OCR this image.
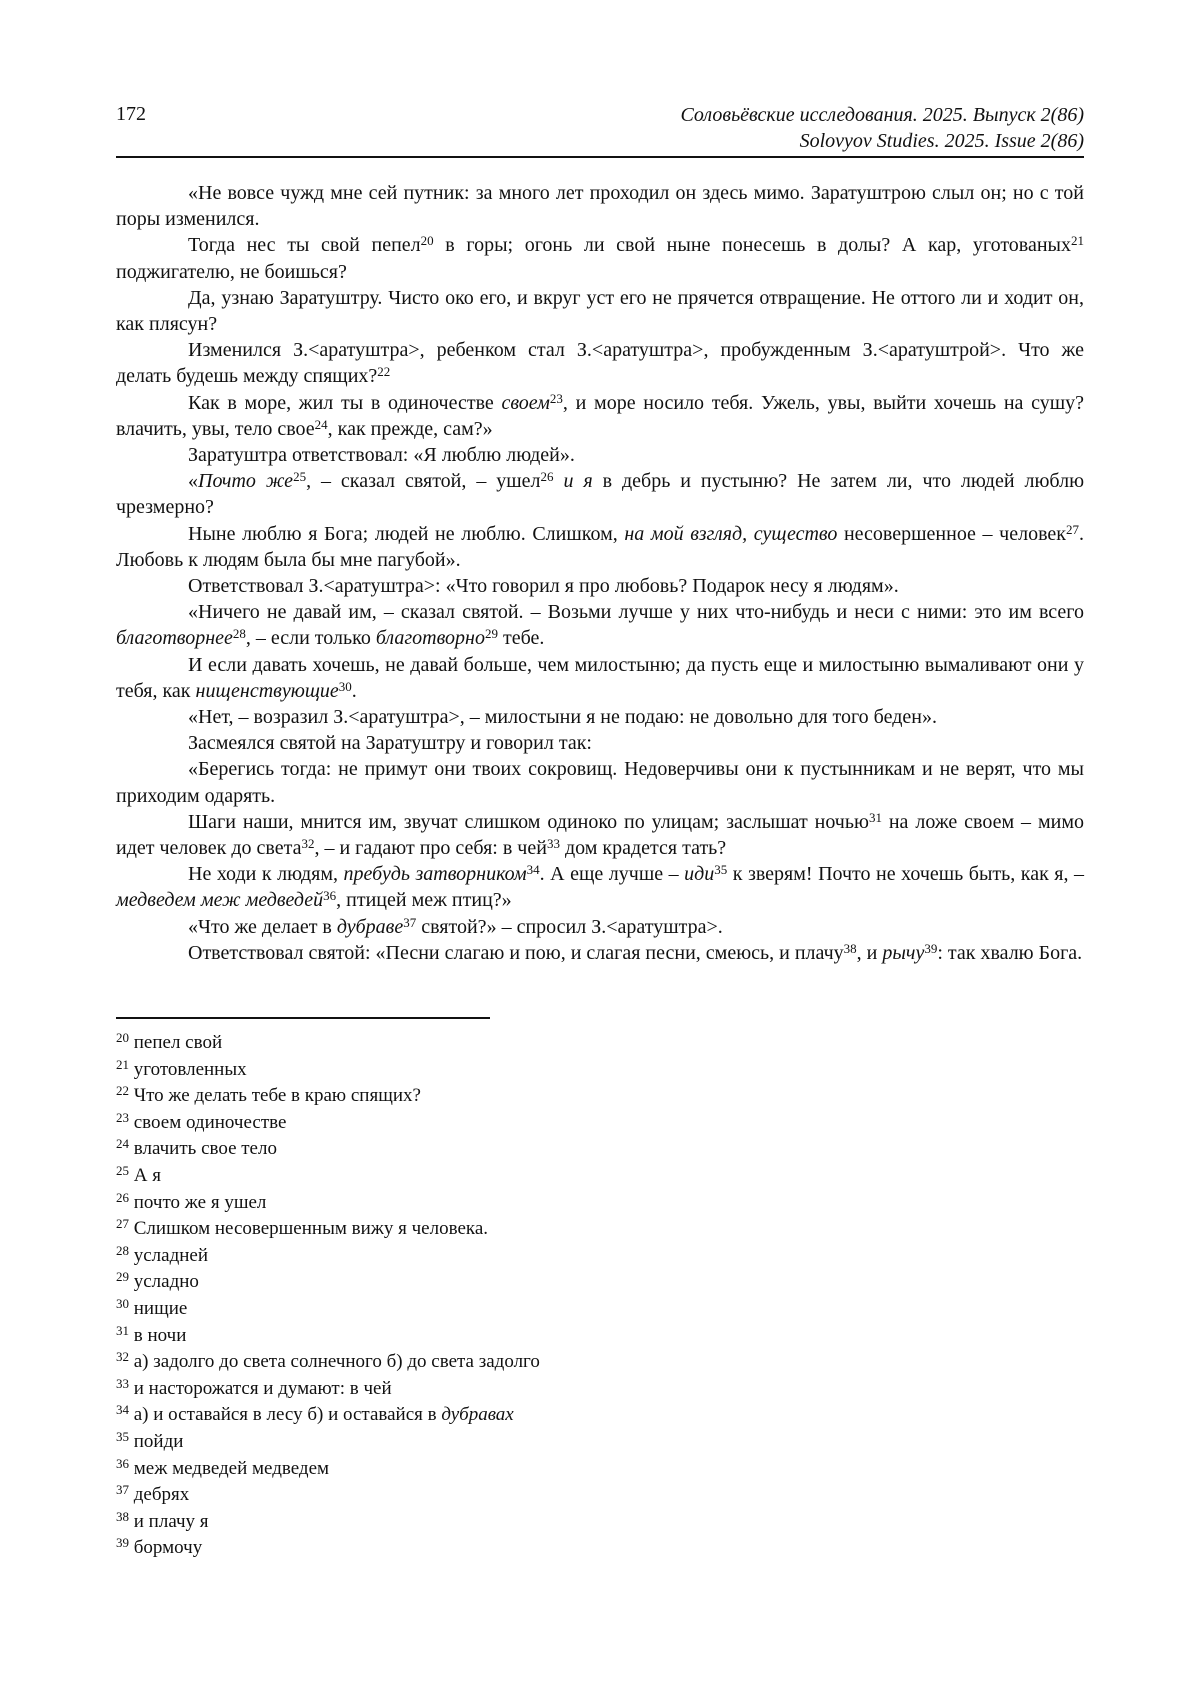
172	Соловьёвские исследования. 2025. Выпуск 2(86)
Solovyov Studies. 2025. Issue 2(86)

«Не вовсе чужд мне сей путник: за много лет проходил он здесь мимо. Заратуштрою слыл он; но с той поры изменился.

Тогда нес ты свой пепел$^{20}$ в горы; огонь ли свой ныне понесешь в долы? А кар, уготованых$^{21}$ поджигателю, не боишься?

Да, узнаю Заратуштру. Чисто око его, и вкруг уст его не прячется отвращение. Не оттого ли и ходит он, как плясун?

Изменился З.<аратуштра>, ребенком стал З.<аратуштра>, пробужденным З.<аратуштрой>. Что же делать будешь между спящих?$^{22}$

Как в море, жил ты в одиночестве своем$^{23}$, и море носило тебя. Ужель, увы, выйти хочешь на сушу? влачить, увы, тело свое$^{24}$, как прежде, сам?»

Заратуштра ответствовал: «Я люблю людей».

«Почто $же^{25}$, – сказал святой, – ушел$^{26}$ и я в дебрь и пустыню? Не затем ли, что людей люблю чрезмерно?

Ныне люблю я Бога; людей не люблю. Слишком, на мой взгляд, существо несовершенное – человек$^{27}$. Любовь к людям была бы мне пагубой».

Ответствовал З.<аратуштра>: «Что говорил я про любовь? Подарок несу я людям».

«Ничего не давай им, – сказал святой. – Возьми лучше у них что-нибудь и неси с ними: это им всего благотворнее$^{28}$, – если только благотворно$^{29}$ тебе.

И если давать хочешь, не давай больше, чем милостыню; да пусть еще и милостыню вымаливают они у тебя, как нищенствующие$^{30}$.

«Нет, – возразил З.<аратуштра>, – милостыни я не подаю: не довольно для того беден».

Засмеялся святой на Заратуштру и говорил так:

«Берегись тогда: не примут они твоих сокровищ. Недоверчивы они к пустынникам и не верят, что мы приходим одарять.

Шаги наши, мнится им, звучат слишком одиноко по улицам; заслышат ночью$^{31}$ на ложе своем – мимо идет человек до света$^{32}$, – и гадают про себя: в чей$^{33}$ дом крадется тать?

Не ходи к людям, пребудь затворником$^{34}$. А еще лучше – иди$^{35}$ к зверям! Почто не хочешь быть, как я, – медведем меж медведей$^{36}$, птицей меж птиц?»

«Что же делает в дубраве$^{37}$ святой?» – спросил З.<аратуштра>.

Ответствовал святой: «Песни слагаю и пою, и слагая песни, смеюсь, и плачу$^{38}$, и рычу$^{39}$: так хвалю Бога.

$^{20}$ пепел свой
$^{21}$ уготовленных
$^{22}$ Что же делать тебе в краю спящих?
$^{23}$ своем одиночестве
$^{24}$ влачить свое тело
$^{25}$ А я
$^{26}$ почто же я ушел
$^{27}$ Слишком несовершенным вижу я человека.
$^{28}$ усладней
$^{29}$ усладно
$^{30}$ нищие
$^{31}$ в ночи
$^{32}$ а) задолго до света солнечного б) до света задолго
$^{33}$ и насторожатся и думают: в чей
$^{34}$ а) и оставайся в лесу б) и оставайся в дубравах
$^{35}$ пойди
$^{36}$ меж медведей медведем
$^{37}$ дебрях
$^{38}$ и плачу я
$^{39}$ бормочу
